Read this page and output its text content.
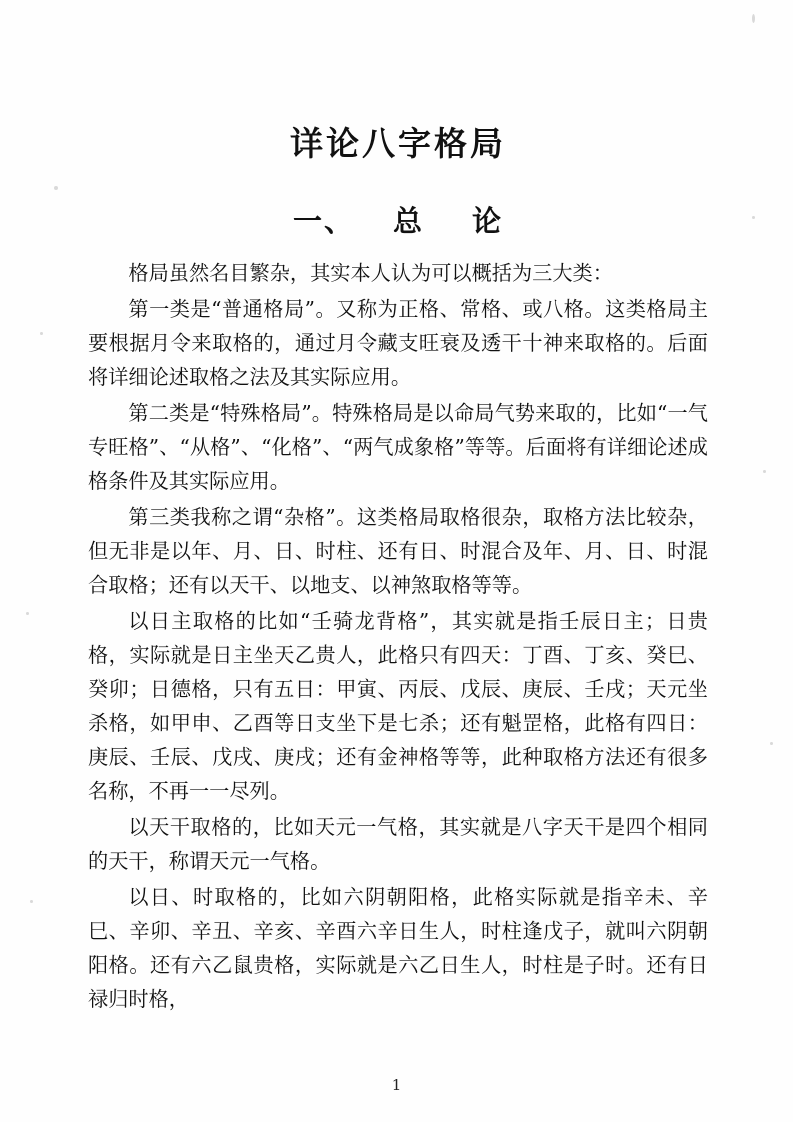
详论八字格局
一、 总 论

格局虽然名目繁杂，其实本人认为可以概括为三大类：

第一类是“普通格局”。又称为正格、常格、或八格。这类格局主要根据月令来取格的，通过月令藏支旺衰及透干十神来取格的。后面将详细论述取格之法及其实际应用。

第二类是“特殊格局”。特殊格局是以命局气势来取的，比如“一气专旺格”、“从格”、“化格”、“两气成象格”等等。后面将有详细论述成格条件及其实际应用。

第三类我称之谓“杂格”。这类格局取格很杂，取格方法比较杂，但无非是以年、月、日、时柱、还有日、时混合及年、月、日、时混合取格；还有以天干、以地支、以神煞取格等等。

以日主取格的比如“壬骑龙背格”，其实就是指壬辰日主；日贵格，实际就是日主坐天乙贵人，此格只有四天：丁酉、丁亥、癸巳、癸卯；日德格，只有五日：甲寅、丙辰、戊辰、庚辰、壬戌；天元坐杀格，如甲申、乙酉等日支坐下是七杀；还有魁罡格，此格有四日：庚辰、壬辰、戊戌、庚戌；还有金神格等等，此种取格方法还有很多名称，不再一一尽列。

以天干取格的，比如天元一气格，其实就是八字天干是四个相同的天干，称谓天元一气格。

以日、时取格的，比如六阴朝阳格，此格实际就是指辛未、辛巳、辛卯、辛丑、辛亥、辛酉六辛日生人，时柱逢戊子，就叫六阴朝阳格。还有六乙鼠贵格，实际就是六乙日生人，时柱是子时。还有日禄归时格，

1
